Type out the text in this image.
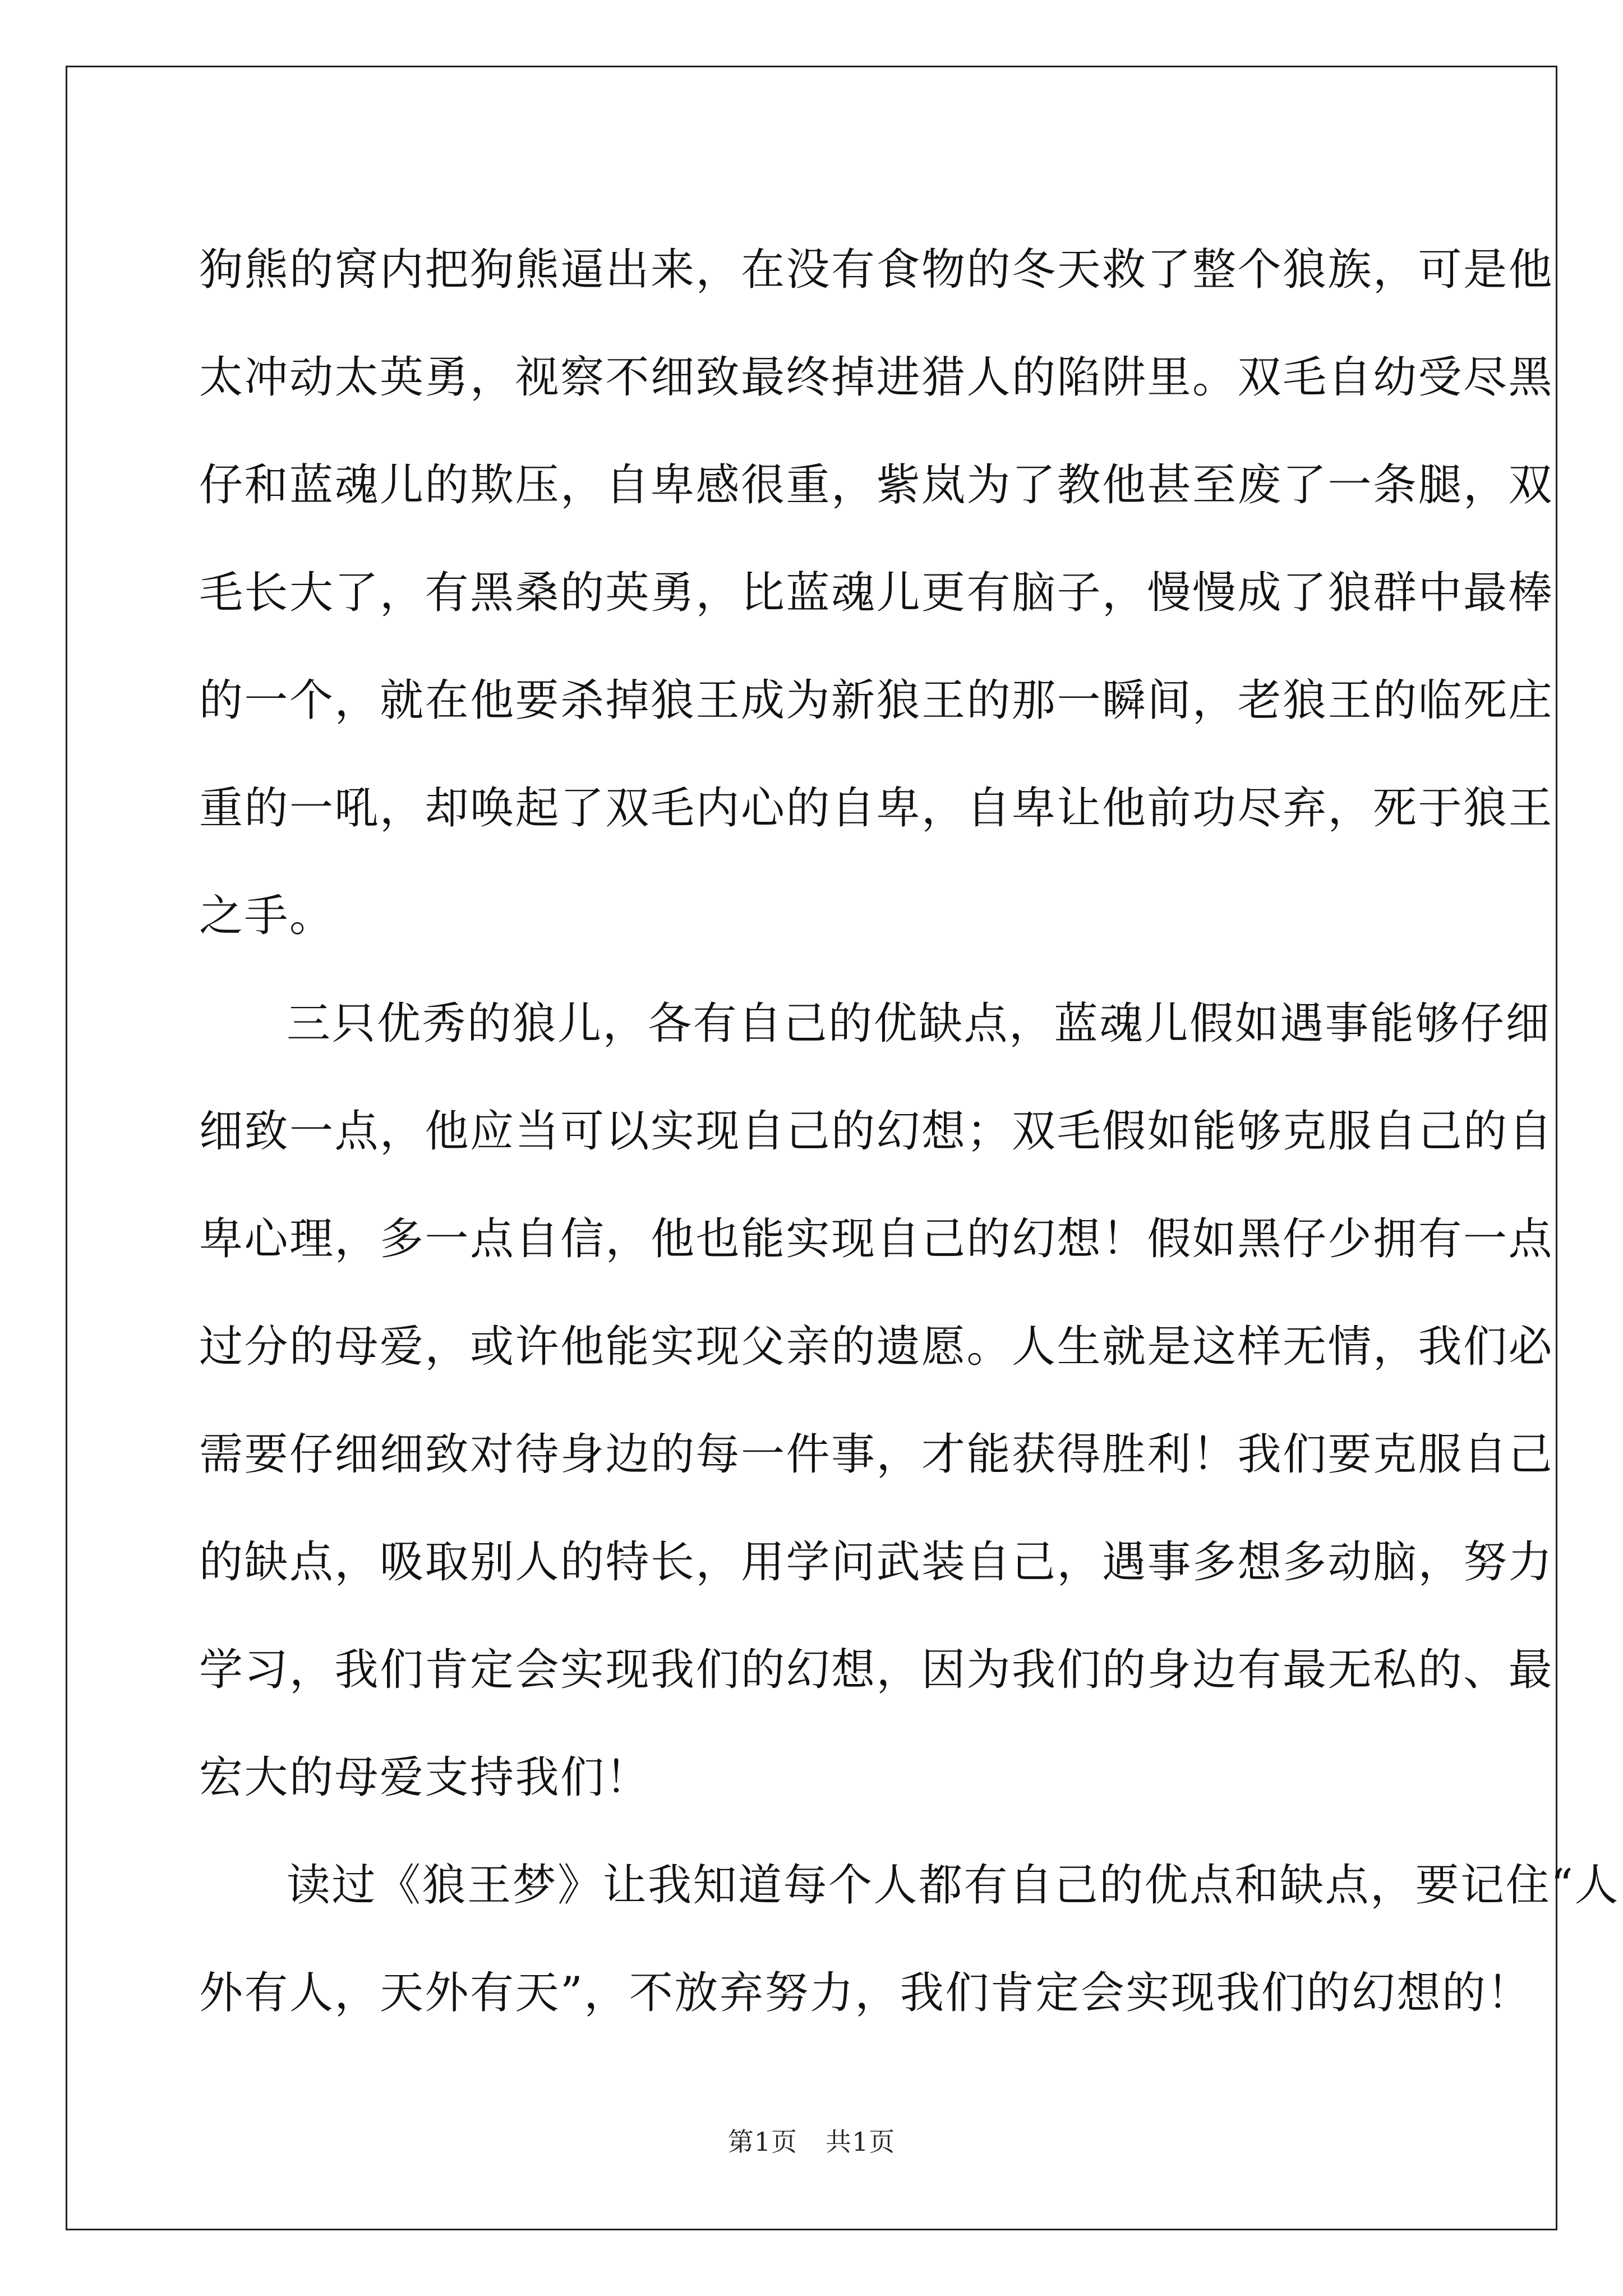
狗熊的窝内把狗熊逼出来，在没有食物的冬天救了整个狼族，可是他
太冲动太英勇，视察不细致最终掉进猎人的陷阱里。双毛自幼受尽黑
仔和蓝魂儿的欺压，自卑感很重，紫岚为了教他甚至废了一条腿，双
毛长大了，有黑桑的英勇，比蓝魂儿更有脑子，慢慢成了狼群中最棒
的一个，就在他要杀掉狼王成为新狼王的那一瞬间，老狼王的临死庄
重的一吼，却唤起了双毛内心的自卑，自卑让他前功尽弃，死于狼王
之手。
三只优秀的狼儿，各有自己的优缺点，蓝魂儿假如遇事能够仔细
细致一点，他应当可以实现自己的幻想；双毛假如能够克服自己的自
卑心理，多一点自信，他也能实现自己的幻想！假如黑仔少拥有一点
过分的母爱，或许他能实现父亲的遗愿。人生就是这样无情，我们必
需要仔细细致对待身边的每一件事，才能获得胜利！我们要克服自己
的缺点，吸取别人的特长，用学问武装自己，遇事多想多动脑，努力
学习，我们肯定会实现我们的幻想，因为我们的身边有最无私的、最
宏大的母爱支持我们！
读过《狼王梦》让我知道每个人都有自己的优点和缺点，要记住“人
外有人，天外有天”，不放弃努力，我们肯定会实现我们的幻想的！
第1页 共1页
